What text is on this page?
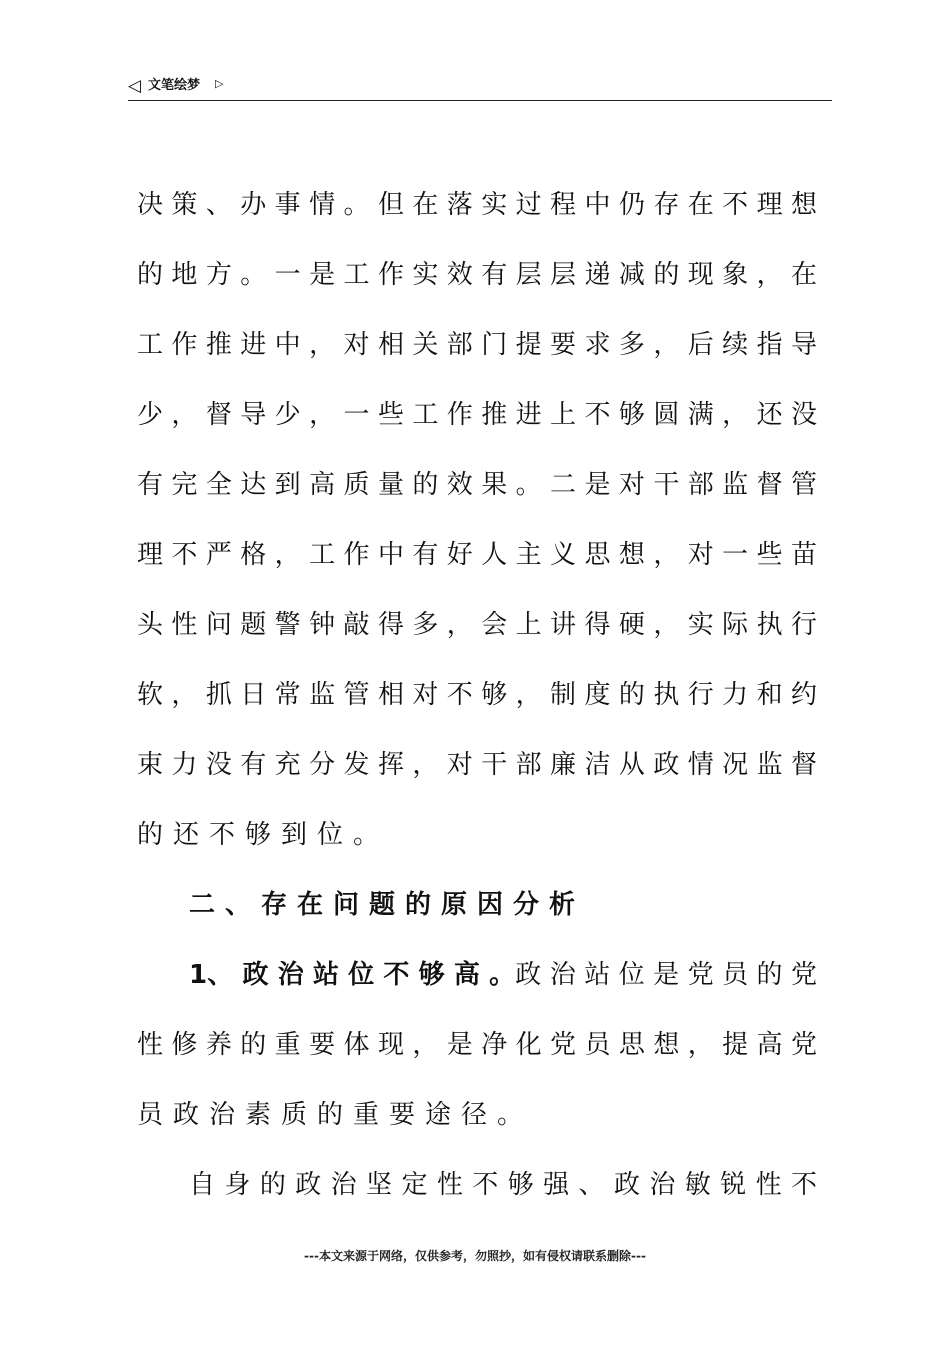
◁ 文笔绘梦 ▷
决 策 、 办 事 情 。 但 在 落 实 过 程 中 仍 存 在 不 理 想
的 地 方 。 一 是 工 作 实 效 有 层 层 递 减 的 现 象 ， 在
工 作 推 进 中 ， 对 相 关 部 门 提 要 求 多 ， 后 续 指 导
少 ， 督 导 少 ， 一 些 工 作 推 进 上 不 够 圆 满 ， 还 没
有 完 全 达 到 高 质 量 的 效 果 。 二 是 对 干 部 监 督 管
理 不 严 格 ， 工 作 中 有 好 人 主 义 思 想 ， 对 一 些 苗
头 性 问 题 警 钟 敲 得 多 ， 会 上 讲 得 硬 ， 实 际 执 行
软 ， 抓 日 常 监 管 相 对 不 够 ， 制 度 的 执 行 力 和 约
束 力 没 有 充 分 发 挥 ， 对 干 部 廉 洁 从 政 情 况 监 督
的还不够到位。
二、存在问题的原因分析
1、 政 治 站 位 不 够 高 。政 治 站 位 是 党 员 的 党
性 修 养 的 重 要 体 现 ， 是 净 化 党 员 思 想 ， 提 高 党
员政治素质的重要途径。
自 身 的 政 治 坚 定 性 不 够 强 、 政 治 敏 锐 性 不
---本文来源于网络，仅供参考，勿照抄，如有侵权请联系删除---
